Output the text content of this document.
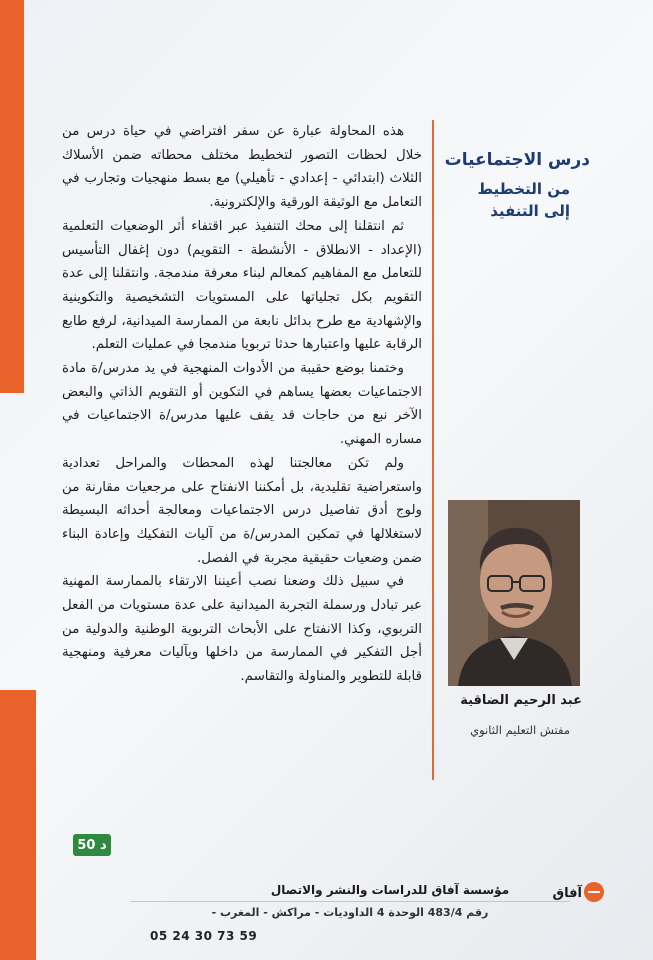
هذه المحاولة عبارة عن سفر افتراضي في حياة درس من خلال لحظات التصور لتخطيط مختلف محطاته ضمن الأسلاك الثلاث (ابتدائي - إعدادي - تأهيلي) مع بسط منهجيات وتجارب في التعامل مع الوثيقة الورقية والإلكترونية.

ثم انتقلنا إلى محك التنفيذ عبر اقتفاء أثر الوضعيات التعلمية (الإعداد - الانطلاق - الأنشطة - التقويم) دون إغفال التأسيس للتعامل مع المفاهيم كمعالم لبناء معرفة مندمجة. وانتقلنا إلى عدة التقويم بكل تجلياتها على المستويات التشخيصية والتكوينية والإشهادية مع طرح بدائل نابعة من الممارسة الميدانية، لرفع طابع الرقابة عليها واعتبارها حدثا تربويا مندمجا في عمليات التعلم.

وختمنا بوضع حقيبة من الأدوات المنهجية في يد مدرس/ة مادة الاجتماعيات بعضها يساهم في التكوين أو التقويم الذاتي والبعض الآخر نبع من حاجات قد يقف عليها مدرس/ة الاجتماعيات في مساره المهني.

ولم تكن معالجتنا لهذه المحطات والمراحل تعدادية واستعراضية تقليدية، بل أمكننا الانفتاح على مرجعيات مقارنة من ولوج أدق تفاصيل درس الاجتماعيات ومعالجة أحداثه البسيطة لاستغلالها في تمكين المدرس/ة من آليات التفكيك وإعادة البناء ضمن وضعيات حقيقية مجربة في الفصل.

في سبيل ذلك وضعنا نصب أعيننا الارتقاء بالممارسة المهنية عبر تبادل ورسملة التجربة الميدانية على عدة مستويات من الفعل التربوي، وكذا الانفتاح على الأبحاث التربوية الوطنية والدولية من أجل التفكير في الممارسة من داخلها وبآليات معرفية ومنهجية قابلة للتطوير والمناولة والتقاسم.

درس الاجتماعيات
من التخطيط
إلى التنفيذ
عبد الرحيم الضاقية
مفتش التعليم الثانوي
50 د
مؤسسة آفاق للدراسات والنشر والاتصال	آفاق
رقم 483/4 الوحدة 4 الداوديات - مراكش - المغرب -
05 24 30 73 59
